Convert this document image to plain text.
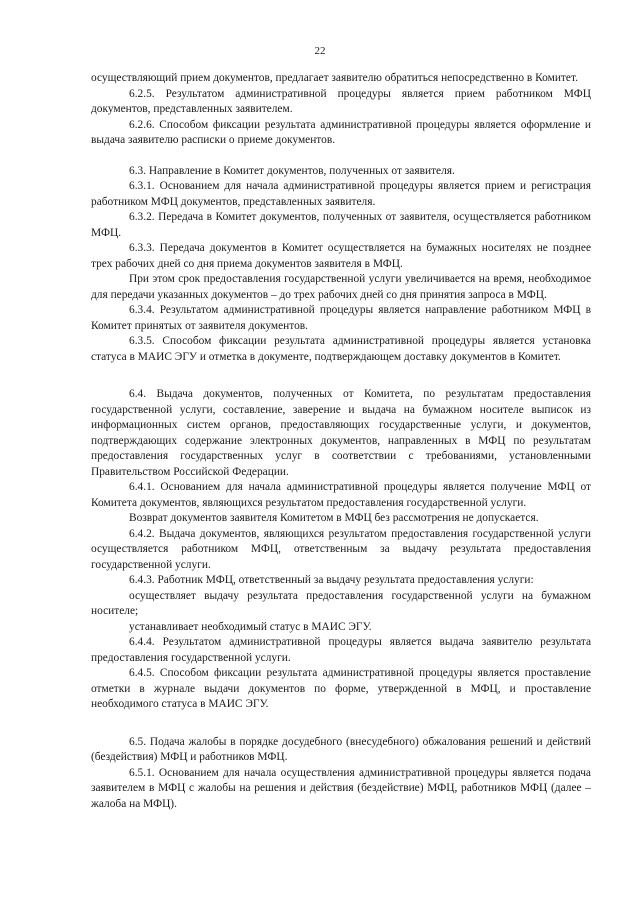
22

осуществляющий прием документов, предлагает заявителю обратиться непосредственно в Комитет.

6.2.5. Результатом административной процедуры является прием работником МФЦ документов, представленных заявителем.

6.2.6. Способом фиксации результата административной процедуры является оформление и выдача заявителю расписки о приеме документов.

6.3. Направление в Комитет документов, полученных от заявителя.

6.3.1. Основанием для начала административной процедуры является прием и регистрация работником МФЦ документов, представленных заявителя.

6.3.2. Передача в Комитет документов, полученных от заявителя, осуществляется работником МФЦ.

6.3.3. Передача документов в Комитет осуществляется на бумажных носителях не позднее трех рабочих дней со дня приема документов заявителя в МФЦ.

При этом срок предоставления государственной услуги увеличивается на время, необходимое для передачи указанных документов – до трех рабочих дней со дня принятия запроса в МФЦ.

6.3.4. Результатом административной процедуры является направление работником МФЦ в Комитет принятых от заявителя документов.

6.3.5. Способом фиксации результата административной процедуры является установка статуса в МАИС ЭГУ и отметка в документе, подтверждающем доставку документов в Комитет.

6.4. Выдача документов, полученных от Комитета, по результатам предоставления государственной услуги, составление, заверение и выдача на бумажном носителе выписок из информационных систем органов, предоставляющих государственные услуги, и документов, подтверждающих содержание электронных документов, направленных в МФЦ по результатам предоставления государственных услуг в соответствии с требованиями, установленными Правительством Российской Федерации.

6.4.1. Основанием для начала административной процедуры является получение МФЦ от Комитета документов, являющихся результатом предоставления государственной услуги.

Возврат документов заявителя Комитетом в МФЦ без рассмотрения не допускается.

6.4.2. Выдача документов, являющихся результатом предоставления государственной услуги осуществляется работником МФЦ, ответственным за выдачу результата предоставления государственной услуги.

6.4.3. Работник МФЦ, ответственный за выдачу результата предоставления услуги:

осуществляет выдачу результата предоставления государственной услуги на бумажном носителе;

устанавливает необходимый статус в МАИС ЭГУ.

6.4.4. Результатом административной процедуры является выдача заявителю результата предоставления государственной услуги.

6.4.5. Способом фиксации результата административной процедуры является проставление отметки в журнале выдачи документов по форме, утвержденной в МФЦ, и проставление необходимого статуса в МАИС ЭГУ.

6.5. Подача жалобы в порядке досудебного (внесудебного) обжалования решений и действий (бездействия) МФЦ и работников МФЦ.

6.5.1. Основанием для начала осуществления административной процедуры является подача заявителем в МФЦ с жалобы на решения и действия (бездействие) МФЦ, работников МФЦ (далее – жалоба на МФЦ).
